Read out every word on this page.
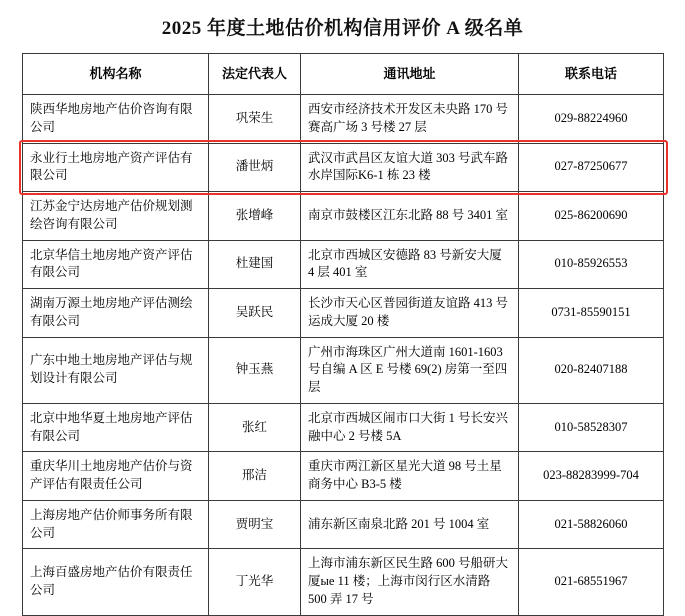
2025 年度土地估价机构信用评价 A 级名单
机构名称	法定代表人	通讯地址	联系电话
陕西华地房地产估价咨询有限公司	巩荣生	西安市经济技术开发区未央路 170 号赛高广场 3 号楼 27 层	029-88224960
永业行土地房地产资产评估有限公司	潘世炳	武汉市武昌区友谊大道 303 号武车路水岸国际K6-1 栋 23 楼	027-87250677
江苏金宁达房地产估价规划测绘咨询有限公司	张增峰	南京市鼓楼区江东北路 88 号 3401 室	025-86200690
北京华信土地房地产资产评估有限公司	杜建国	北京市西城区安德路 83 号新安大厦 4 层 401 室	010-85926553
湖南万源土地房地产评估测绘有限公司	吴跃民	长沙市天心区普园街道友谊路 413 号运成大厦 20 楼	0731-85590151
广东中地土地房地产评估与规划设计有限公司	钟玉燕	广州市海珠区广州大道南 1601-1603 号自编 A 区 E 号楼 69(2) 房第一至四层	020-82407188
北京中地华夏土地房地产评估有限公司	张红	北京市西城区闹市口大街 1 号长安兴融中心 2 号楼 5A	010-58528307
重庆华川土地房地产估价与资产评估有限责任公司	邢洁	重庆市两江新区星光大道 98 号土星商务中心 B3-5 楼	023-88283999-704
上海房地产估价师事务所有限公司	贾明宝	浦东新区南泉北路 201 号 1004 室	021-58826060
上海百盛房地产估价有限责任公司	丁光华	上海市浦东新区民生路 600 号船研大厦ые 11 楼；上海市闵行区水清路 500 弄 17 号	021-68551967
